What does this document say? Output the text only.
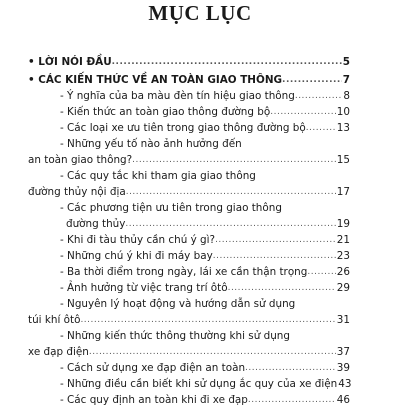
MỤC LỤC
• LỜI NÓI ĐẦU .....	5
• CÁC KIẾN THỨC VỀ AN TOÀN GIAO THÔNG .....	7
- Ý nghĩa của ba màu đèn tín hiệu giao thông .....	8
- Kiến thức an toàn giao thông đường bộ .....	10
- Các loại xe ưu tiên trong giao thông đường bộ .....	13
- Những yếu tố nào ảnh hưởng đến
an toàn giao thông? .....	15
- Các quy tắc khi tham gia giao thông
đường thủy nội địa .....	17
- Các phương tiện ưu tiên trong giao thông
đường thủy .....	19
- Khi đi tàu thủy cần chú ý gì? .....	21
- Những chú ý khi đi máy bay .....	23
- Ba thời điểm trong ngày, lái xe cần thận trọng .....	26
- Ảnh hưởng từ việc trang trí ôtô .....	29
- Nguyên lý hoạt động và hướng dẫn sử dụng
túi khí ôtô .....	31
- Những kiến thức thông thường khi sử dụng
xe đạp điện .....	37
- Cách sử dụng xe đạp điện an toàn .....	39
- Những điều cần biết khi sử dụng ắc quy của xe điện 43
- Các quy định an toàn khi đi xe đạp .....	46
